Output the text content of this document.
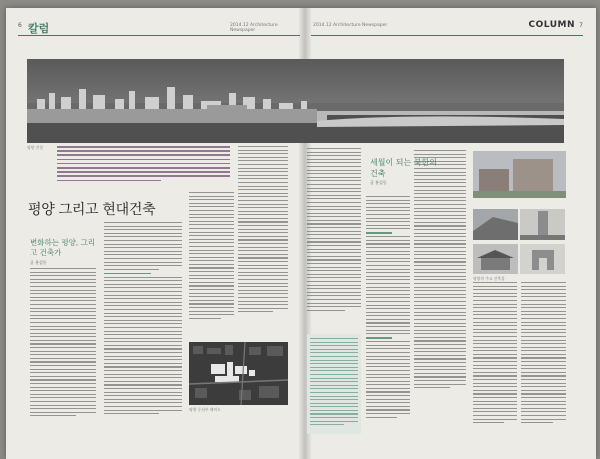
6 칼럼	2014.12 Architecture Newspaper
2014.12 Architecture Newspaper	COLUMN 7
평양 전경
평양 그리고 현대건축
변화하는 평양, 그리고 건축가
글 홍길동
평양 중심부 배치도
세월이 되는 북한의 건축
글 홍길동
평양의 주요 건축물
